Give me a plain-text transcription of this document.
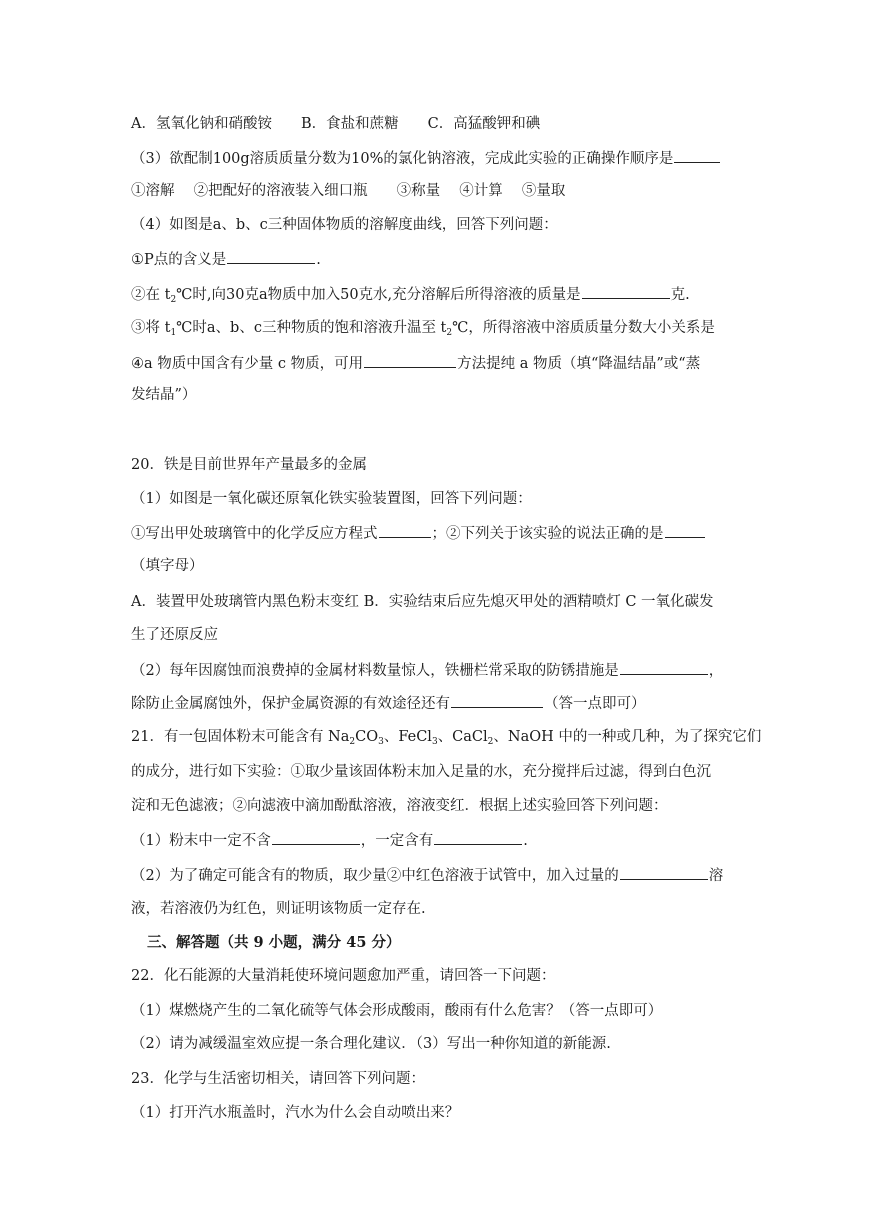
A．氢氧化钠和硝酸铵　　B．食盐和蔗糖　　C．高猛酸钾和碘
（3）欲配制100g溶质质量分数为10%的氯化钠溶液，完成此实验的正确操作顺序是
①溶解　 ②把配好的溶液装入细口瓶　　③称量　 ④计算　 ⑤量取
（4）如图是a、b、c三种固体物质的溶解度曲线，回答下列问题：
①P点的含义是	.
②在 $t_2℃$时,向30克a物质中加入50克水,充分溶解后所得溶液的质量是	克.
③将 $t_1℃$时a、b、c三种物质的饱和溶液升温至 $t_2℃$，所得溶液中溶质质量分数大小关系是
④a 物质中国含有少量 c 物质，可用	方法提纯 a 物质（填“降温结晶”或“蒸
发结晶”）
20．铁是目前世界年产量最多的金属
（1）如图是一氧化碳还原氧化铁实验装置图，回答下列问题：
①写出甲处玻璃管中的化学反应方程式	；②下列关于该实验的说法正确的是
（填字母）
A．装置甲处玻璃管内黑色粉末变红 B．实验结束后应先熄灭甲处的酒精喷灯 C 一氧化碳发
生了还原反应
（2）每年因腐蚀而浪费掉的金属材料数量惊人，铁栅栏常采取的防锈措施是	，
除防止金属腐蚀外，保护金属资源的有效途径还有	（答一点即可）
21．有一包固体粉末可能含有 $Na_2CO_3$、FeCl$_3$、CaCl$_2$、NaOH 中的一种或几种，为了探究它们
的成分，进行如下实验：①取少量该固体粉末加入足量的水，充分搅拌后过滤，得到白色沉
淀和无色滤液；②向滤液中滴加酚酞溶液，溶液变红．根据上述实验回答下列问题：
（1）粉末中一定不含	，一定含有	.
（2）为了确定可能含有的物质，取少量②中红色溶液于试管中，加入过量的	溶
液，若溶液仍为红色，则证明该物质一定存在.
三、解答题（共 9 小题，满分 45 分）
22．化石能源的大量消耗使环境问题愈加严重，请回答一下问题：
（1）煤燃烧产生的二氧化硫等气体会形成酸雨，酸雨有什么危害？（答一点即可）
（2）请为减缓温室效应提一条合理化建议．（3）写出一种你知道的新能源.
23．化学与生活密切相关，请回答下列问题：
（1）打开汽水瓶盖时，汽水为什么会自动喷出来？
